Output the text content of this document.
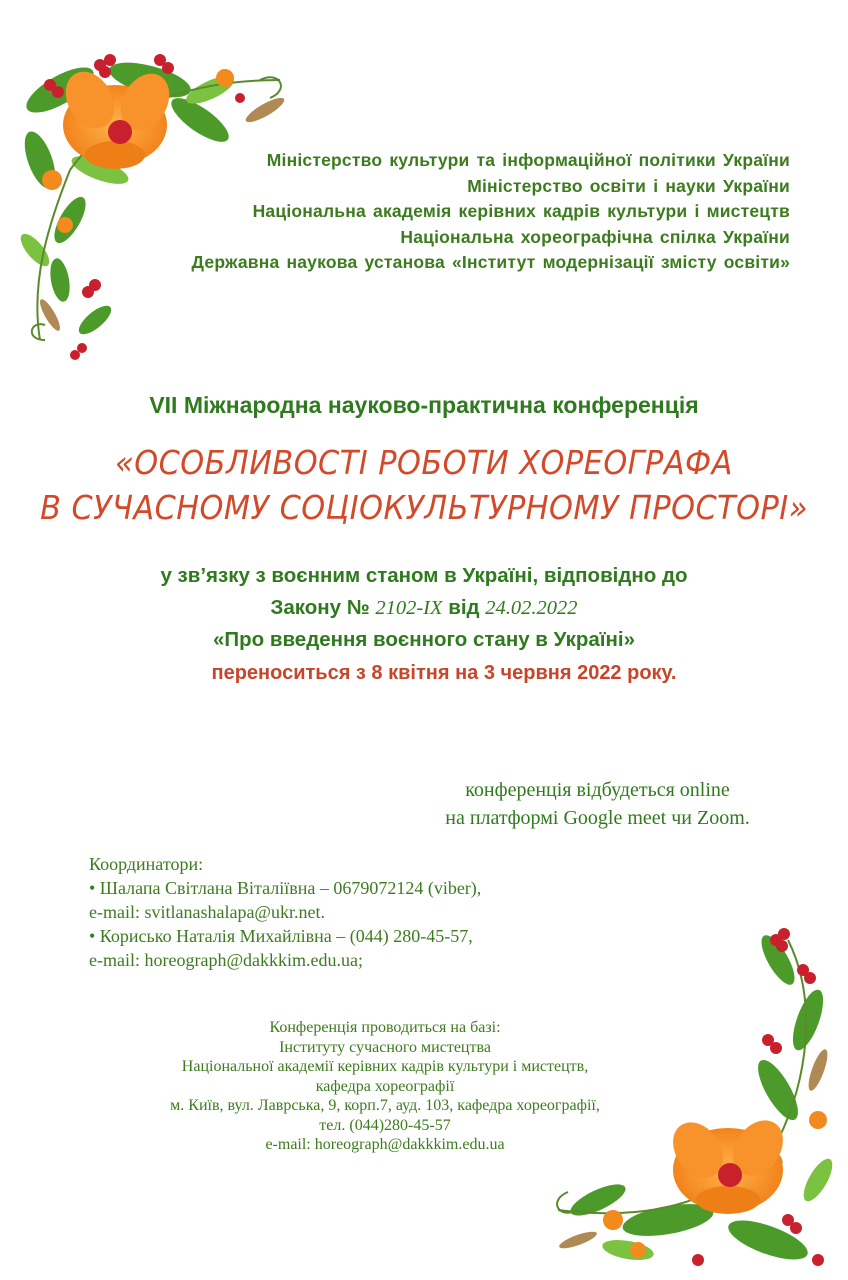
Міністерство культури та інформаційної політики України
Міністерство освіти і науки України
Національна академія керівних кадрів культури і мистецтв
Національна хореографічна спілка України
Державна наукова установа «Інститут модернізації змісту освіти»
VII Міжнародна науково-практична конференція
«ОСОБЛИВОСТІ РОБОТИ ХОРЕОГРАФА
В СУЧАСНОМУ СОЦІОКУЛЬТУРНОМУ ПРОСТОРІ»
у зв’язку з воєнним станом в Україні, відповідно до
Закону № 2102-IX від 24.02.2022
«Про введення воєнного стану в Україні»
переноситься з 8 квітня на 3 червня 2022 року.
конференція відбудеться online
на платформі Google meet чи Zoom.
Координатори:
• Шалапа Світлана Віталіївна – 0679072124 (viber),
e-mail: svitlanashalapa@ukr.net.
• Корисько Наталія Михайлівна – (044) 280-45-57,
e-mail: horeograph@dakkkim.edu.ua;
Конференція проводиться на базі:
Інституту сучасного мистецтва
Національної академії керівних кадрів культури і мистецтв,
кафедра хореографії
м. Київ, вул. Лаврська, 9, корп.7, ауд. 103, кафедра хореографії,
тел. (044)280-45-57
e-mail: horeograph@dakkkim.edu.ua
